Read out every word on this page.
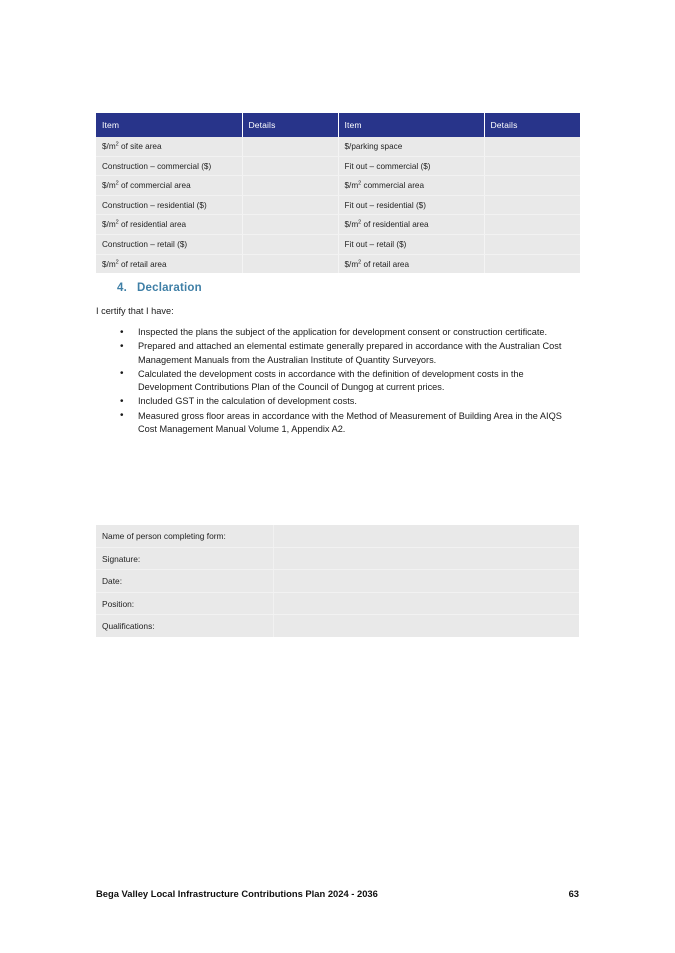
Item	Details	Item	Details
$\$/m^2$ of site area		$/parking space	
Construction – commercial ($)		Fit out – commercial ($)	
$\$/m^2$ of commercial area		$\$/m^2$ commercial area	
Construction – residential ($)		Fit out – residential ($)	
$\$/m^2$ of residential area		$\$/m^2$ of residential area	
Construction – retail ($)		Fit out – retail ($)	
$\$/m^2$ of retail area		$\$/m^2$ of retail area	
4. Declaration
I certify that I have:
• Inspected the plans the subject of the application for development consent or construction certificate.
• Prepared and attached an elemental estimate generally prepared in accordance with the Australian Cost Management Manuals from the Australian Institute of Quantity Surveyors.
• Calculated the development costs in accordance with the definition of development costs in the Development Contributions Plan of the Council of Dungog at current prices.
• Included GST in the calculation of development costs.
• Measured gross floor areas in accordance with the Method of Measurement of Building Area in the AIQS Cost Management Manual Volume 1, Appendix A2.
Name of person completing form:	
Signature:	
Date:	
Position:	
Qualifications:	
Bega Valley Local Infrastructure Contributions Plan 2024 - 2036	63
